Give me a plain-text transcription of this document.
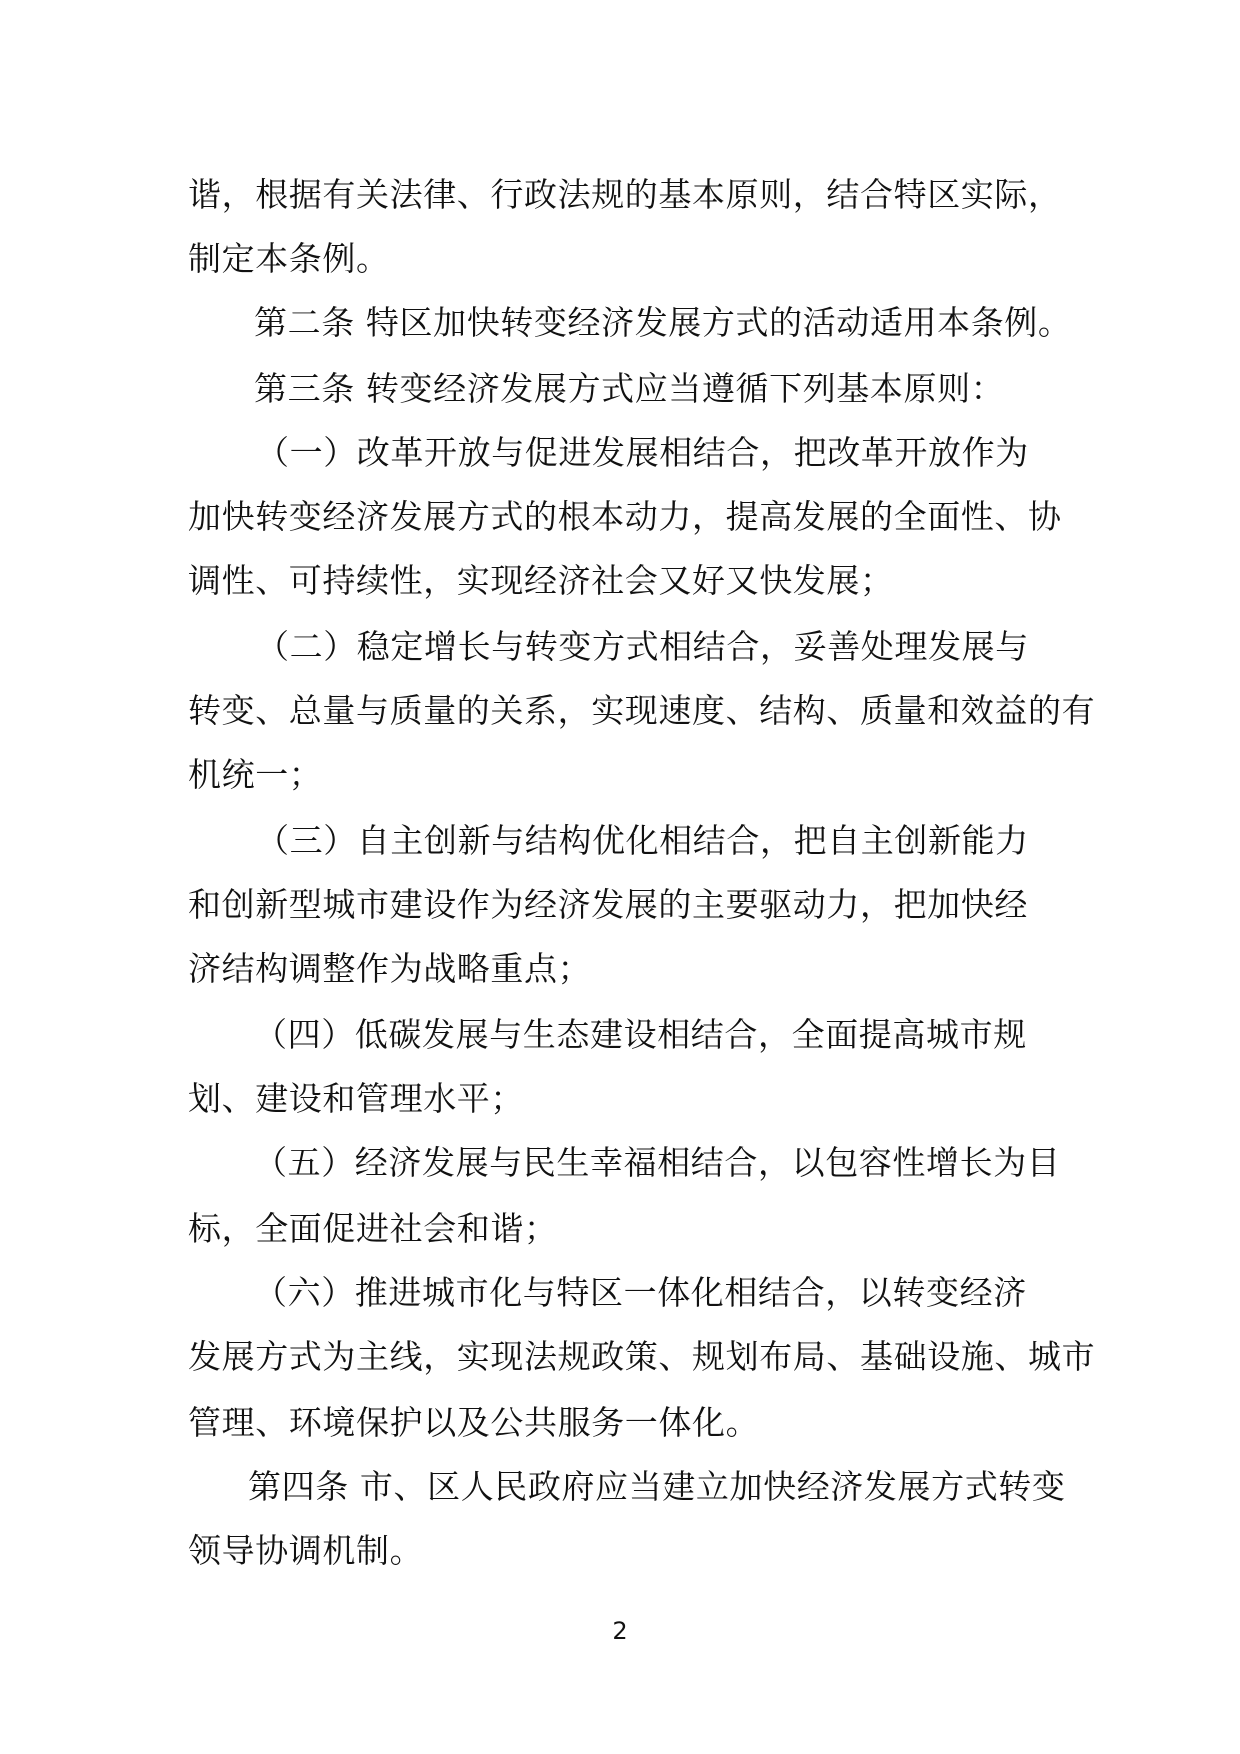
谐，根据有关法律、行政法规的基本原则，结合特区实际，
制定本条例。
第二条 特区加快转变经济发展方式的活动适用本条例。
第三条 转变经济发展方式应当遵循下列基本原则：
（一）改革开放与促进发展相结合，把改革开放作为
加快转变经济发展方式的根本动力，提高发展的全面性、协
调性、可持续性，实现经济社会又好又快发展；
（二）稳定增长与转变方式相结合，妥善处理发展与
转变、总量与质量的关系，实现速度、结构、质量和效益的有
机统一；
（三）自主创新与结构优化相结合，把自主创新能力
和创新型城市建设作为经济发展的主要驱动力，把加快经
济结构调整作为战略重点；
（四）低碳发展与生态建设相结合，全面提高城市规
划、建设和管理水平；
（五）经济发展与民生幸福相结合，以包容性增长为目
标，全面促进社会和谐；
（六）推进城市化与特区一体化相结合，以转变经济
发展方式为主线，实现法规政策、规划布局、基础设施、城市
管理、环境保护以及公共服务一体化。
第四条 市、区人民政府应当建立加快经济发展方式转变
领导协调机制。
2
